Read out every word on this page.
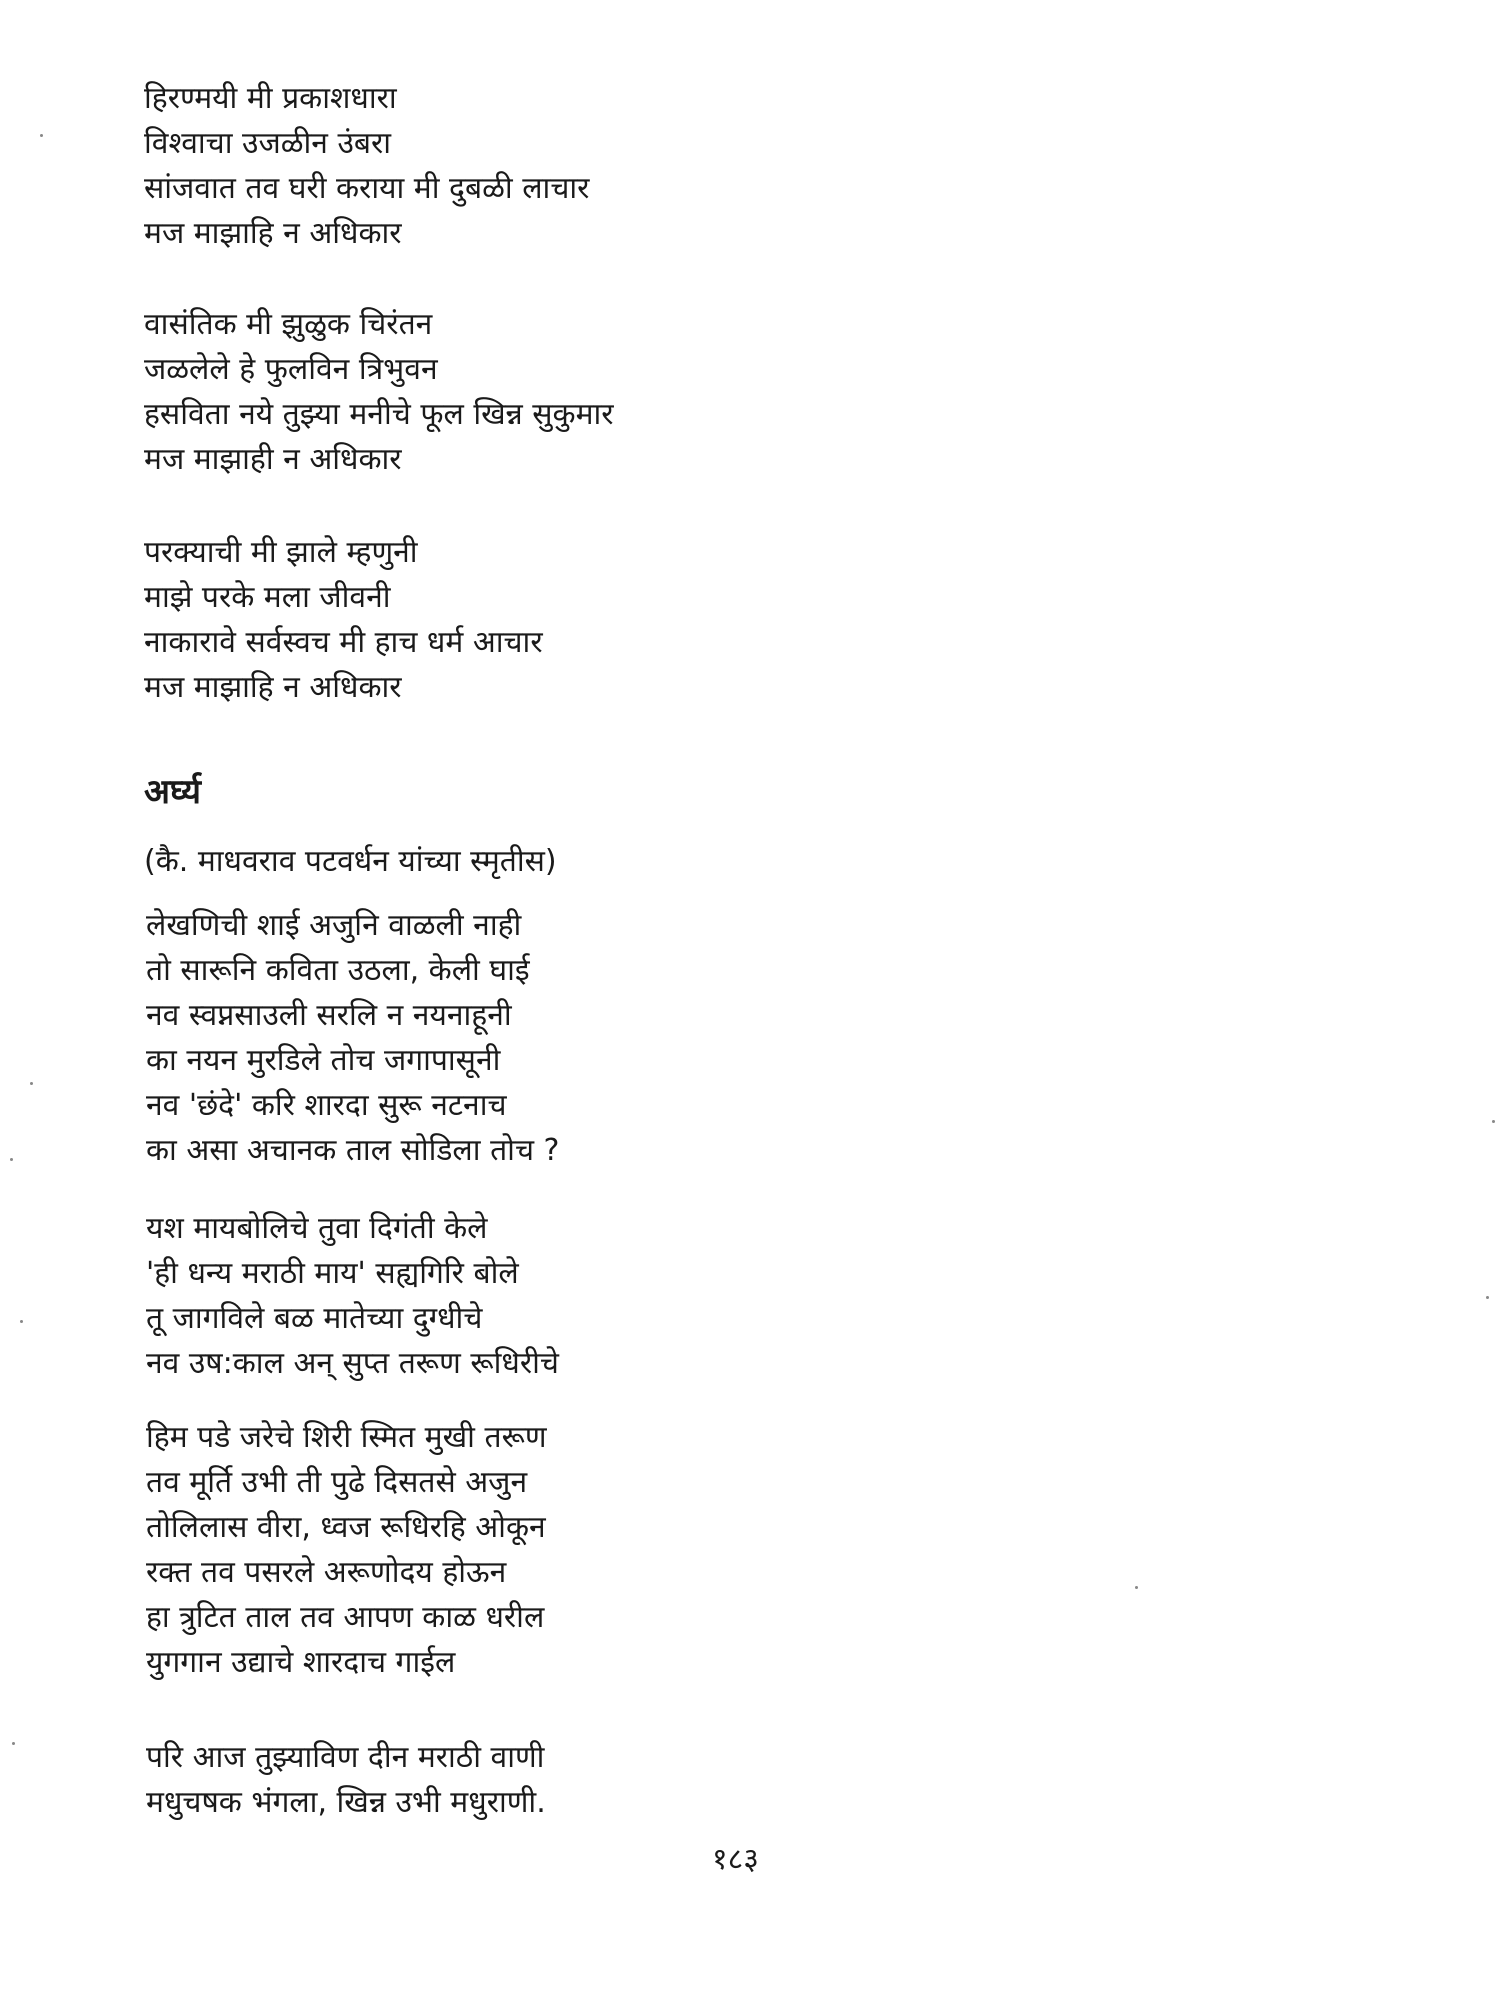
हिरण्मयी मी प्रकाशधारा
विश्वाचा उजळीन उंबरा
सांजवात तव घरी कराया मी दुबळी लाचार
मज माझाहि न अधिकार
वासंतिक मी झुळुक चिरंतन
जळलेले हे फुलविन त्रिभुवन
हसविता नये तुझ्या मनीचे फूल खिन्न सुकुमार
मज माझाही न अधिकार
परक्याची मी झाले म्हणुनी
माझे परके मला जीवनी
नाकारावे सर्वस्वच मी हाच धर्म आचार
मज माझाहि न अधिकार
अर्घ्य
(कै. माधवराव पटवर्धन यांच्या स्मृतीस)
लेखणिची शाई अजुनि वाळली नाही
तो सारूनि कविता उठला, केली घाई
नव स्वप्नसाउली सरलि न नयनाहूनी
का नयन मुरडिले तोच जगापासूनी
नव 'छंदे' करि शारदा सुरू नटनाच
का असा अचानक ताल सोडिला तोच ?
यश मायबोलिचे तुवा दिगंती केले
'ही धन्य मराठी माय' सह्यगिरि बोले
तू जागविले बळ मातेच्या दुग्धीचे
नव उष:काल अन् सुप्त तरूण रूधिरीचे
हिम पडे जरेचे शिरी स्मित मुखी तरूण
तव मूर्ति उभी ती पुढे दिसतसे अजुन
तोलिलास वीरा, ध्वज रूधिरहि ओकून
रक्त तव पसरले अरूणोदय होऊन
हा त्रुटित ताल तव आपण काळ धरील
युगगान उद्याचे शारदाच गाईल
परि आज तुझ्याविण दीन मराठी वाणी
मधुचषक भंगला, खिन्न उभी मधुराणी.
१८३
